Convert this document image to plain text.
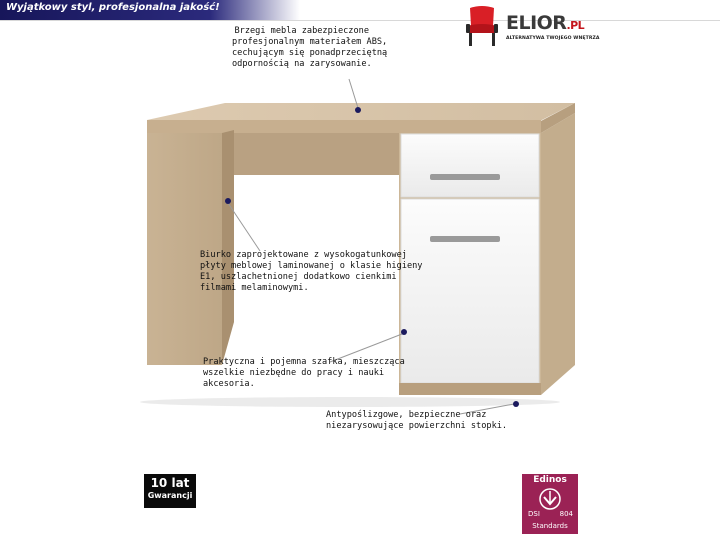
Wyjątkowy styl, profesjonalna jakość!
ELIOR.PL
ALTERNATYWA TWOJEGO WNĘTRZA
Brzegi mebla zabezpieczone
profesjonalnym materiałem ABS,
cechującym się ponadprzeciętną
odpornością na zarysowanie.
Biurko zaprojektowane z wysokogatunkowej
płyty meblowej laminowanej o klasie higieny
E1, uszlachetnionej dodatkowo cienkimi
filmami melaminowymi.
Praktyczna i pojemna szafka, mieszcząca
wszelkie niezbędne do pracy i nauki
akcesoria.
Antypoślizgowe, bezpieczne oraz
niezarysowujące powierzchni stopki.
10 lat
Gwarancji
Edinos
DSI	804
Standards
